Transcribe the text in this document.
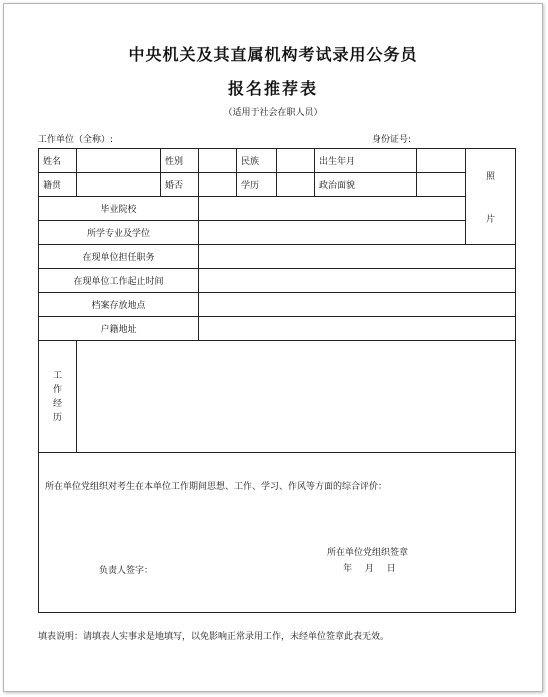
中央机关及其直属机构考试录用公务员
报名推荐表
（适用于社会在职人员）
工作单位（全称）:	身份证号:
姓名		性别		民族		出生年月		照
片

籍贯		婚否		学历		政治面貌		
毕业院校								
所学专业及学位								
在现单位担任职务								
在现单位工作起止时间								
档案存放地点								
户籍地址								
工作经历								

所在单位党组织对考生在本单位工作期间思想、工作、学习、作风等方面的综合评价：
所在单位党组织签章
负责人签字： 年 月 日								
填表说明：请填表人实事求是地填写，以免影响正常录用工作，未经单位签章此表无效。
